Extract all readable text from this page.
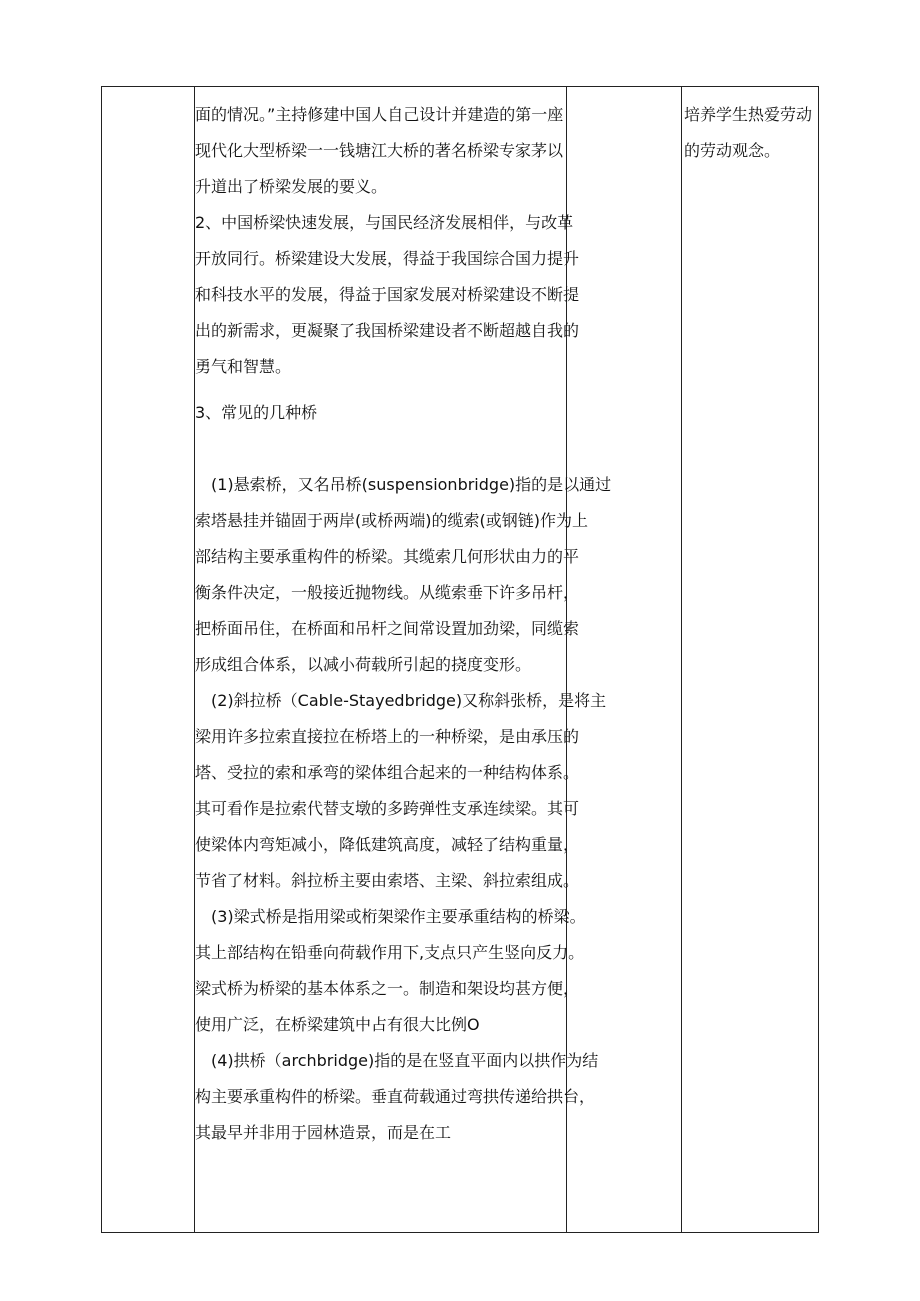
面的情况。”主持修建中国人自己设计并建造的第一座
现代化大型桥梁一一钱塘江大桥的著名桥梁专家茅以
升道出了桥梁发展的要义。
2、中国桥梁快速发展，与国民经济发展相伴，与改革
开放同行。桥梁建设大发展，得益于我国综合国力提升
和科技水平的发展，得益于国家发展对桥梁建设不断提
出的新需求，更凝聚了我国桥梁建设者不断超越自我的
勇气和智慧。
3、常见的几种桥
(1)悬索桥，又名吊桥(suspensionbridge)指的是以通过
索塔悬挂并锚固于两岸(或桥两端)的缆索(或钢链)作为上
部结构主要承重构件的桥梁。其缆索几何形状由力的平
衡条件决定，一般接近抛物线。从缆索垂下许多吊杆，
把桥面吊住，在桥面和吊杆之间常设置加劲梁，同缆索
形成组合体系，以减小荷载所引起的挠度变形。
(2)斜拉桥（Cable-Stayedbridge)又称斜张桥，是将主
梁用许多拉索直接拉在桥塔上的一种桥梁，是由承压的
塔、受拉的索和承弯的梁体组合起来的一种结构体系。
其可看作是拉索代替支墩的多跨弹性支承连续梁。其可
使梁体内弯矩减小，降低建筑高度，减轻了结构重量，
节省了材料。斜拉桥主要由索塔、主梁、斜拉索组成。
(3)梁式桥是指用梁或桁架梁作主要承重结构的桥梁。
其上部结构在铅垂向荷载作用下,支点只产生竖向反力。
梁式桥为桥梁的基本体系之一。制造和架设均甚方便，
使用广泛，在桥梁建筑中占有很大比例O
(4)拱桥（archbridge)指的是在竖直平面内以拱作为结
构主要承重构件的桥梁。垂直荷载通过弯拱传递给拱台，
其最早并非用于园林造景，而是在工
培养学生热爱劳动
的劳动观念。
